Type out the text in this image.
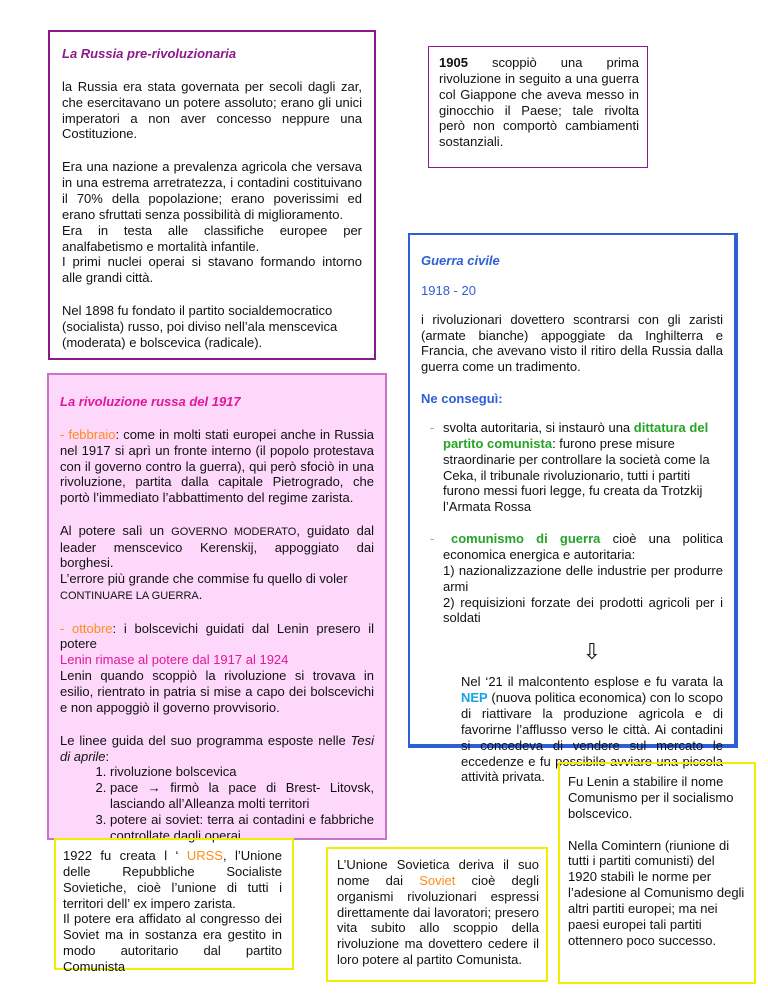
La Russia pre-rivoluzionaria

la Russia era stata governata per secoli dagli zar, che esercitavano un potere assoluto; erano gli unici imperatori a non aver concesso neppure una Costituzione.

Era una nazione a prevalenza agricola che versava in una estrema arretratezza, i contadini costituivano il 70% della popolazione; erano poverissimi ed erano sfruttati senza possibilità di miglioramento.

Era in testa alle classifiche europee per analfabetismo e mortalità infantile.

I primi nuclei operai si stavano formando intorno alle grandi città.

Nel 1898 fu fondato il partito socialdemocratico (socialista) russo, poi diviso nell’ala menscevica (moderata) e bolscevica (radicale).

1905 scoppiò una prima rivoluzione in seguito a una guerra col Giappone che aveva messo in ginocchio il Paese; tale rivolta però non comportò cambiamenti sostanziali.

Guerra civile

1918 - 20

i rivoluzionari dovettero scontrarsi con gli zaristi (armate bianche) appoggiate da Inghilterra e Francia, che avevano visto il ritiro della Russia dalla guerra come un tradimento.

Ne conseguì:

- svolta autoritaria, si instaurò una dittatura del partito comunista: furono prese misure straordinarie per controllare la società come la Ceka, il tribunale rivoluzionario, tutti i partiti furono messi fuori legge, fu creata da Trotzkij l’Armata Rossa

-	comunismo di guerra cioè una politica economica energica e autoritaria:

1) nazionalizzazione delle industrie per produrre armi

2) requisizioni forzate dei prodotti agricoli per i soldati

⇩

Nel ‘21 il malcontento esplose e fu varata la NEP (nuova politica economica) con lo scopo di riattivare la produzione agricola e di favorirne l’afflusso verso le città. Ai contadini si concedeva di vendere sul mercato le eccedenze e fu possibile avviare una piccola attività privata.

La rivoluzione russa del 1917

- febbraio: come in molti stati europei anche in Russia nel 1917 si aprì un fronte interno (il popolo protestava con il governo contro la guerra), qui però sfociò in una rivoluzione, partita dalla capitale Pietrogrado, che portò l’immediato l’abbattimento del regime zarista.

Al potere salì un GOVERNO MODERATO, guidato dal leader menscevico Kerenskij, appoggiato dai borghesi.

L’errore più grande che commise fu quello di voler CONTINUARE LA GUERRA.

- ottobre: i bolscevichi guidati dal Lenin presero il potere

Lenin rimase al potere dal 1917 al 1924

Lenin quando scoppiò la rivoluzione si trovava in esilio, rientrato in patria si mise a capo dei bolscevichi e non appoggiò il governo provvisorio.

Le linee guida del suo programma esposte nelle Tesi di aprile:

1. rivoluzione bolscevica
2. pace → firmò la pace di Brest- Litovsk, lasciando all’Alleanza molti territori
3. potere ai soviet: terra ai contadini e fabbriche controllate dagli operai

1922 fu creata l ‘ URSS, l’Unione delle Repubbliche Socialiste Sovietiche, cioè l’unione di tutti i territori dell’ ex impero zarista.

Il potere era affidato al congresso dei Soviet ma in sostanza era gestito in modo autoritario dal partito Comunista

L’Unione Sovietica deriva il suo nome dai Soviet cioè degli organismi rivoluzionari espressi direttamente dai lavoratori; presero vita subito allo scoppio della rivoluzione ma dovettero cedere il loro potere al partito Comunista.

Fu Lenin a stabilire il nome Comunismo per il socialismo bolscevico.

Nella Comintern (riunione di tutti i partiti comunisti) del 1920 stabilì le norme per l’adesione al Comunismo degli altri partiti europei; ma nei paesi europei tali partiti ottennero poco successo.
